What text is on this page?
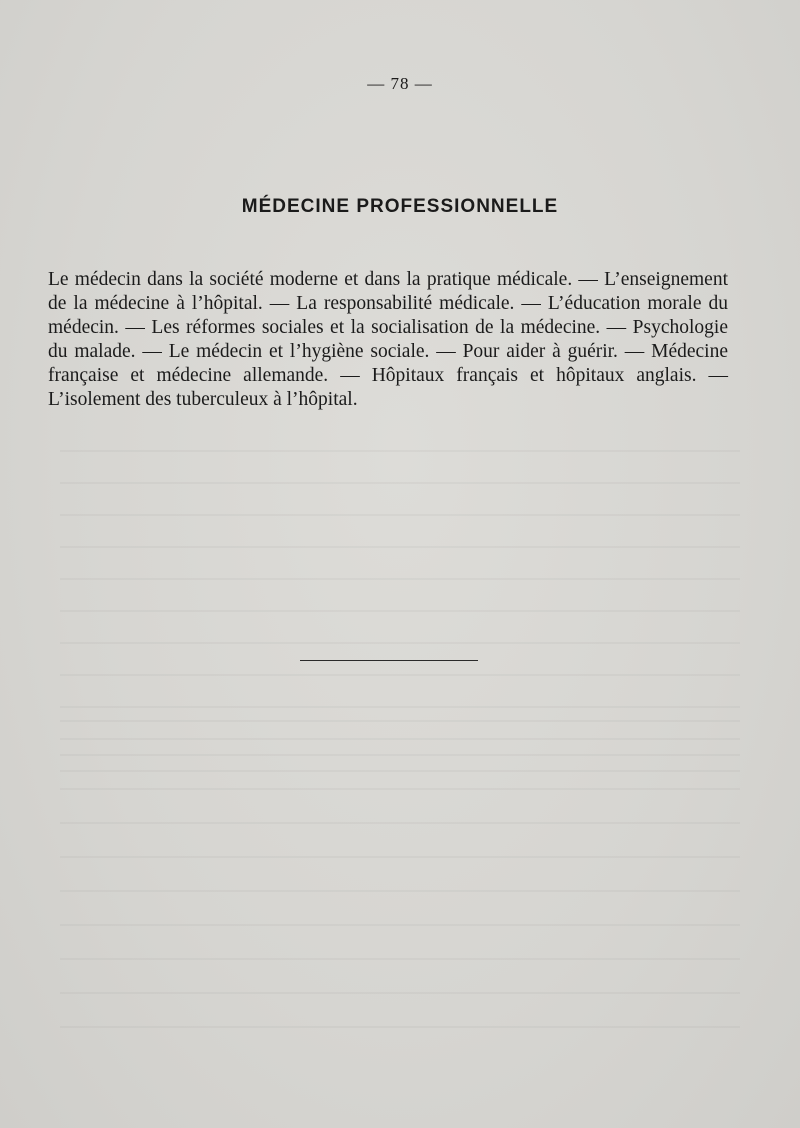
— 78 —
MÉDECINE PROFESSIONNELLE

Le médecin dans la société moderne et dans la pratique médicale. — L’enseignement de la médecine à l’hôpital. — La responsabilité médicale. — L’éducation morale du médecin. — Les réformes sociales et la socialisation de la médecine. — Psychologie du malade. — Le médecin et l’hygiène sociale. — Pour aider à guérir. — Médecine française et médecine allemande. — Hôpitaux français et hôpitaux anglais. — L’isolement des tuberculeux à l’hôpital.
